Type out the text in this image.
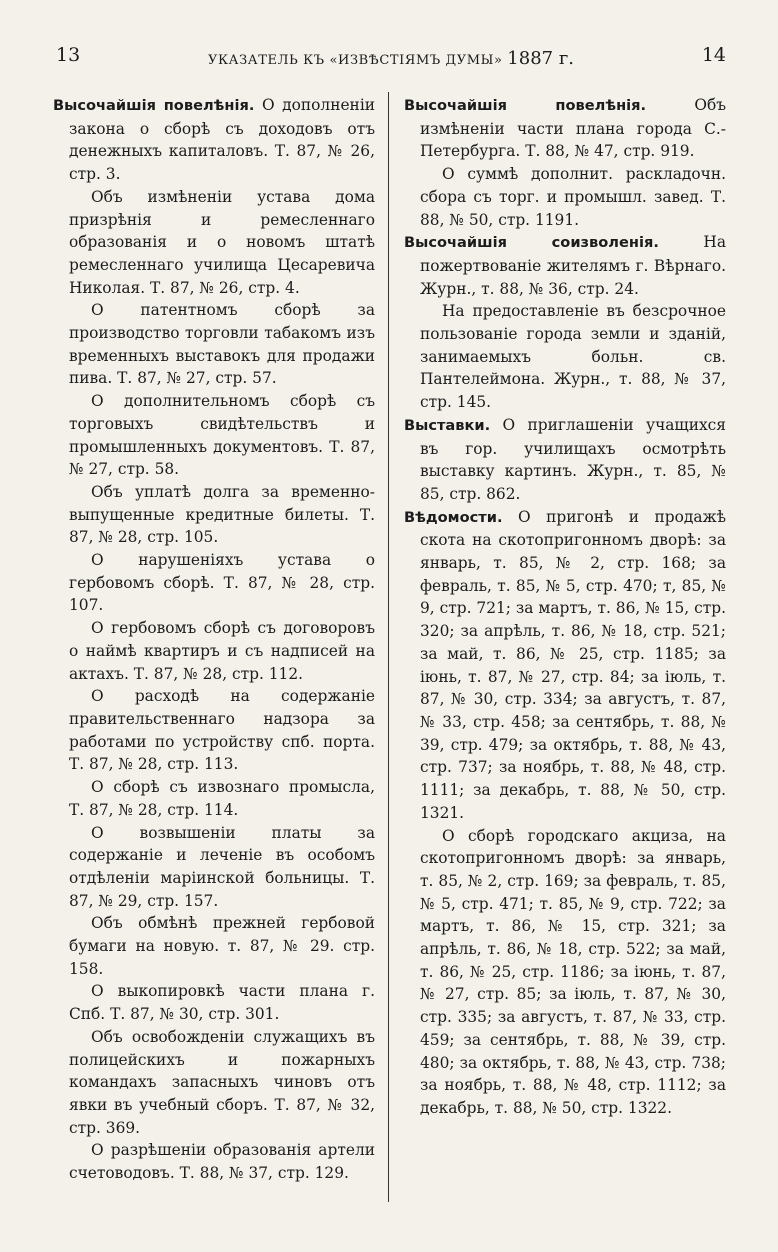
13	УКАЗАТЕЛЬ КЪ «ИЗВѢСТІЯМЪ ДУМЫ» 1887 г.	14

Высочайшія повелѣнія. О дополненіи закона о сборѣ съ доходовъ отъ денежныхъ капиталовъ. Т. 87, № 26, стр. 3.

Объ измѣненіи устава дома призрѣнія и ремесленнаго образованія и о новомъ штатѣ ремесленнаго училища Цесаревича Николая. Т. 87, № 26, стр. 4.

О патентномъ сборѣ за производство торговли табакомъ изъ временныхъ выставокъ для продажи пива. Т. 87, № 27, стр. 57.

О дополнительномъ сборѣ съ торговыхъ свидѣтельствъ и промышленныхъ документовъ. Т. 87, № 27, стр. 58.

Объ уплатѣ долга за временно-выпущенные кредитные билеты. Т. 87, № 28, стр. 105.

О нарушеніяхъ устава о гербовомъ сборѣ. Т. 87, № 28, стр. 107.

О гербовомъ сборѣ съ договоровъ о наймѣ квартиръ и съ надписей на актахъ. Т. 87, № 28, стр. 112.

О расходѣ на содержаніе правительственнаго надзора за работами по устройству спб. порта. Т. 87, № 28, стр. 113.

О сборѣ съ извознаго промысла, Т. 87, № 28, стр. 114.

О возвышеніи платы за содержаніе и леченіе въ особомъ отдѣленіи маріинской больницы. Т. 87, № 29, стр. 157.

Объ обмѣнѣ прежней гербовой бумаги на новую. т. 87, № 29. стр. 158.

О выкопировкѣ части плана г. Спб. Т. 87, № 30, стр. 301.

Объ освобожденіи служащихъ въ полицейскихъ и пожарныхъ командахъ запасныхъ чиновъ отъ явки въ учебный сборъ. Т. 87, № 32, стр. 369.

О разрѣшеніи образованія артели счетоводовъ. Т. 88, № 37, стр. 129.

Высочайшія повелѣнія. Объ измѣненіи части плана города С.-Петербурга. Т. 88, № 47, стр. 919.

О суммѣ дополнит. раскладочн. сбора съ торг. и промышл. завед. Т. 88, № 50, стр. 1191.

Высочайшія соизволенія. На пожертвованіе жителямъ г. Вѣрнаго. Журн., т. 88, № 36, стр. 24.

На предоставленіе въ безсрочное пользованіе города земли и зданій, занимаемыхъ больн. св. Пантелеймона. Журн., т. 88, № 37, стр. 145.

Выставки. О приглашеніи учащихся въ гор. училищахъ осмотрѣть выставку картинъ. Журн., т. 85, № 85, стр. 862.

Вѣдомости. О пригонѣ и продажѣ скота на скотопригонномъ дворѣ: за январь, т. 85, № 2, стр. 168; за февраль, т. 85, № 5, стр. 470; т, 85, № 9, стр. 721; за мартъ, т. 86, № 15, стр. 320; за апрѣль, т. 86, № 18, стр. 521; за май, т. 86, № 25, стр. 1185; за іюнь, т. 87, № 27, стр. 84; за іюль, т. 87, № 30, стр. 334; за августъ, т. 87, № 33, стр. 458; за сентябрь, т. 88, № 39, стр. 479; за октябрь, т. 88, № 43, стр. 737; за ноябрь, т. 88, № 48, стр. 1111; за декабрь, т. 88, № 50, стр. 1321.

О сборѣ городскаго акциза, на скотопригонномъ дворѣ: за январь, т. 85, № 2, стр. 169; за февраль, т. 85, № 5, стр. 471; т. 85, № 9, стр. 722; за мартъ, т. 86, № 15, стр. 321; за апрѣль, т. 86, № 18, стр. 522; за май, т. 86, № 25, стр. 1186; за іюнь, т. 87, № 27, стр. 85; за іюль, т. 87, № 30, стр. 335; за августъ, т. 87, № 33, стр. 459; за сентябрь, т. 88, № 39, стр. 480; за октябрь, т. 88, № 43, стр. 738; за ноябрь, т. 88, № 48, стр. 1112; за декабрь, т. 88, № 50, стр. 1322.
